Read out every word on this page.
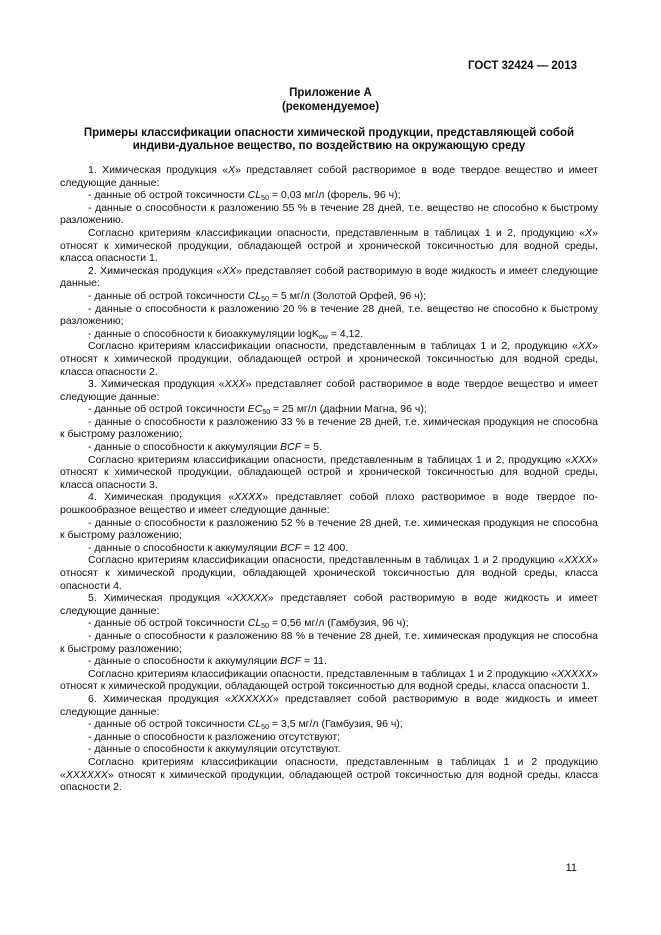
ГОСТ 32424 — 2013
Приложение А
(рекомендуемое)
Примеры классификации опасности химической продукции, представляющей собой индиви-дуальное вещество, по воздействию на окружающую среду

1. Химическая продукция «X» представляет собой растворимое в воде твердое вещество и имеет следующие данные:

- данные об острой токсичности $CL_{50} = 0,03$ мг/л (форель, 96 ч);

- данные о способности к разложению 55 % в течение 28 дней, т.е. вещество не способно к быстрому разложению.

Согласно критериям классификации опасности, представленным в таблицах 1 и 2, продукцию «X» относят к химической продукции, обладающей острой и хронической токсичностью для водной среды, класса опасности 1.

2. Химическая продукция «XX» представляет собой растворимую в воде жидкость и имеет следующие данные:

- данные об острой токсичности $CL_{50} = 5$ мг/л (Золотой Орфей, 96 ч);

- данные о способности к разложению 20 % в течение 28 дней, т.е. вещество не способно к быстрому разложению;

- данные о способности к биоаккумуляции logK$_{ow}$ = 4,12.

Согласно критериям классификации опасности, представленным в таблицах 1 и 2, продукцию «XX» относят к химической продукции, обладающей острой и хронической токсичностью для водной среды, класса опасности 2.

3. Химическая продукция «XXX» представляет собой растворимое в воде твердое вещество и имеет следующие данные:

- данные об острой токсичности $EC_{50} = 25$ мг/л (дафнии Магна, 96 ч);

- данные о способности к разложению 33 % в течение 28 дней, т.е. химическая продукция не способна к быстрому разложению;

- данные о способности к аккумуляции BCF = 5.

Согласно критериям классификации опасности, представленным в таблицах 1 и 2, продукцию «XXX» относят к химической продукции, обладающей острой и хронической токсичностью для водной среды, класса опасности 3.

4. Химическая продукция «XXXX» представляет собой плохо растворимое в воде твердое по-рошкообразное вещество и имеет следующие данные:

- данные о способности к разложению 52 % в течение 28 дней, т.е. химическая продукция не способна к быстрому разложению;

- данные о способности к аккумуляции BCF = 12 400.

Согласно критериям классификации опасности, представленным в таблицах 1 и 2 продукцию «XXXX» относят к химической продукции, обладающей хронической токсичностью для водной среды, класса опасности 4.

5. Химическая продукция «XXXXX» представляет собой растворимую в воде жидкость и имеет следующие данные:

- данные об острой токсичности $CL_{50} = 0,56$ мг/л (Гамбузия, 96 ч);

- данные о способности к разложению 88 % в течение 28 дней, т.е. химическая продукция не способна к быстрому разложению;

- данные о способности к аккумуляции BCF = 11.

Согласно критериям классификации опасности, представленным в таблицах 1 и 2 продукцию «XXXXX» относят к химической продукции, обладающей острой токсичностью для водной среды, класса опасности 1.

6. Химическая продукция «XXXXXX» представляет собой растворимую в воде жидкость и имеет следующие данные:

- данные об острой токсичности $CL_{50} = 3,5$ мг/л (Гамбузия, 96 ч);

- данные о способности к разложению отсутствуют;

- данные о способности к аккумуляции отсутствуют.

Согласно критериям классификации опасности, представленным в таблицах 1 и 2 продукцию «XXXXXX» относят к химической продукции, обладающей острой токсичностью для водной среды, класса опасности 2.

11
